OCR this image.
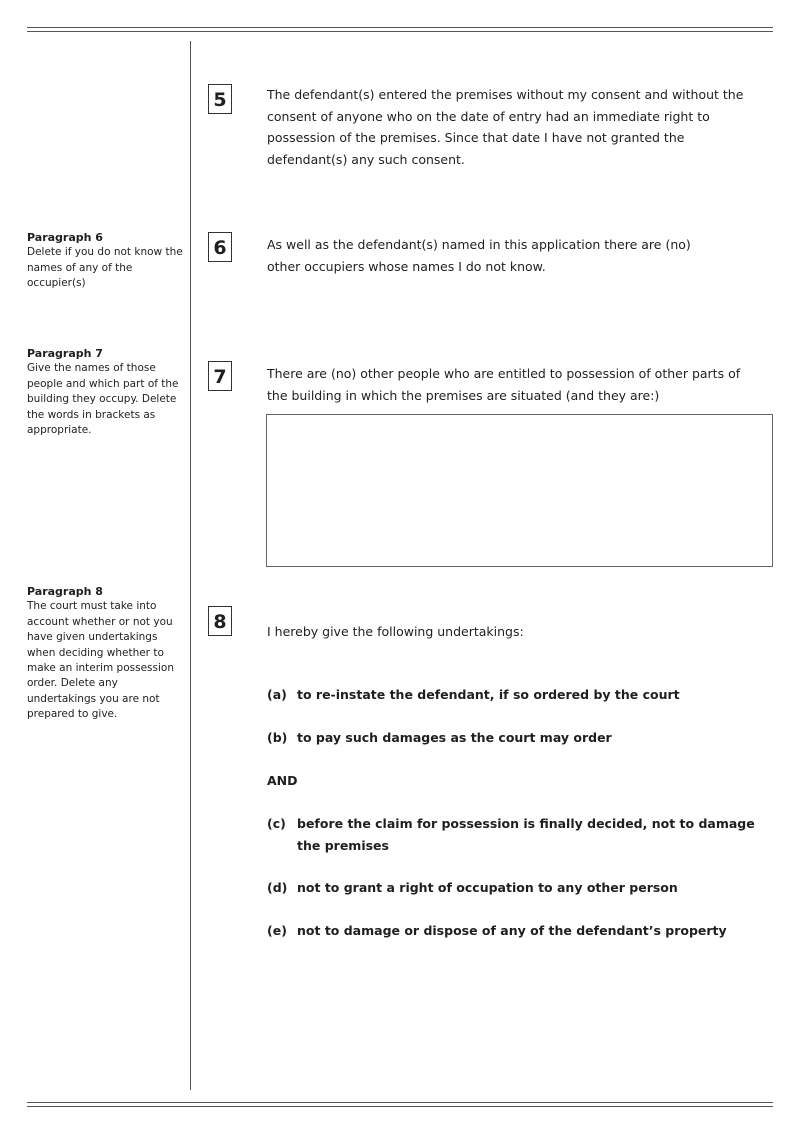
Paragraph 6
Delete if you do not know the names of any of the occupier(s)
Paragraph 7
Give the names of those people and which part of the building they occupy. Delete the words in brackets as appropriate.
Paragraph 8
The court must take into account whether or not you have given undertakings when deciding whether to make an interim possession order. Delete any undertakings you are not prepared to give.
5	The defendant(s) entered the premises without my consent and without the consent of anyone who on the date of entry had an immediate right to possession of the premises. Since that date I have not granted the defendant(s) any such consent.
6	As well as the defendant(s) named in this application there are (no) other occupiers whose names I do not know.
7	There are (no) other people who are entitled to possession of other parts of the building in which the premises are situated (and they are:)
8	I hereby give the following undertakings:
(a) to re-instate the defendant, if so ordered by the court
(b) to pay such damages as the court may order
AND
(c) before the claim for possession is finally decided, not to damage the premises
(d) not to grant a right of occupation to any other person
(e) not to damage or dispose of any of the defendant’s property
